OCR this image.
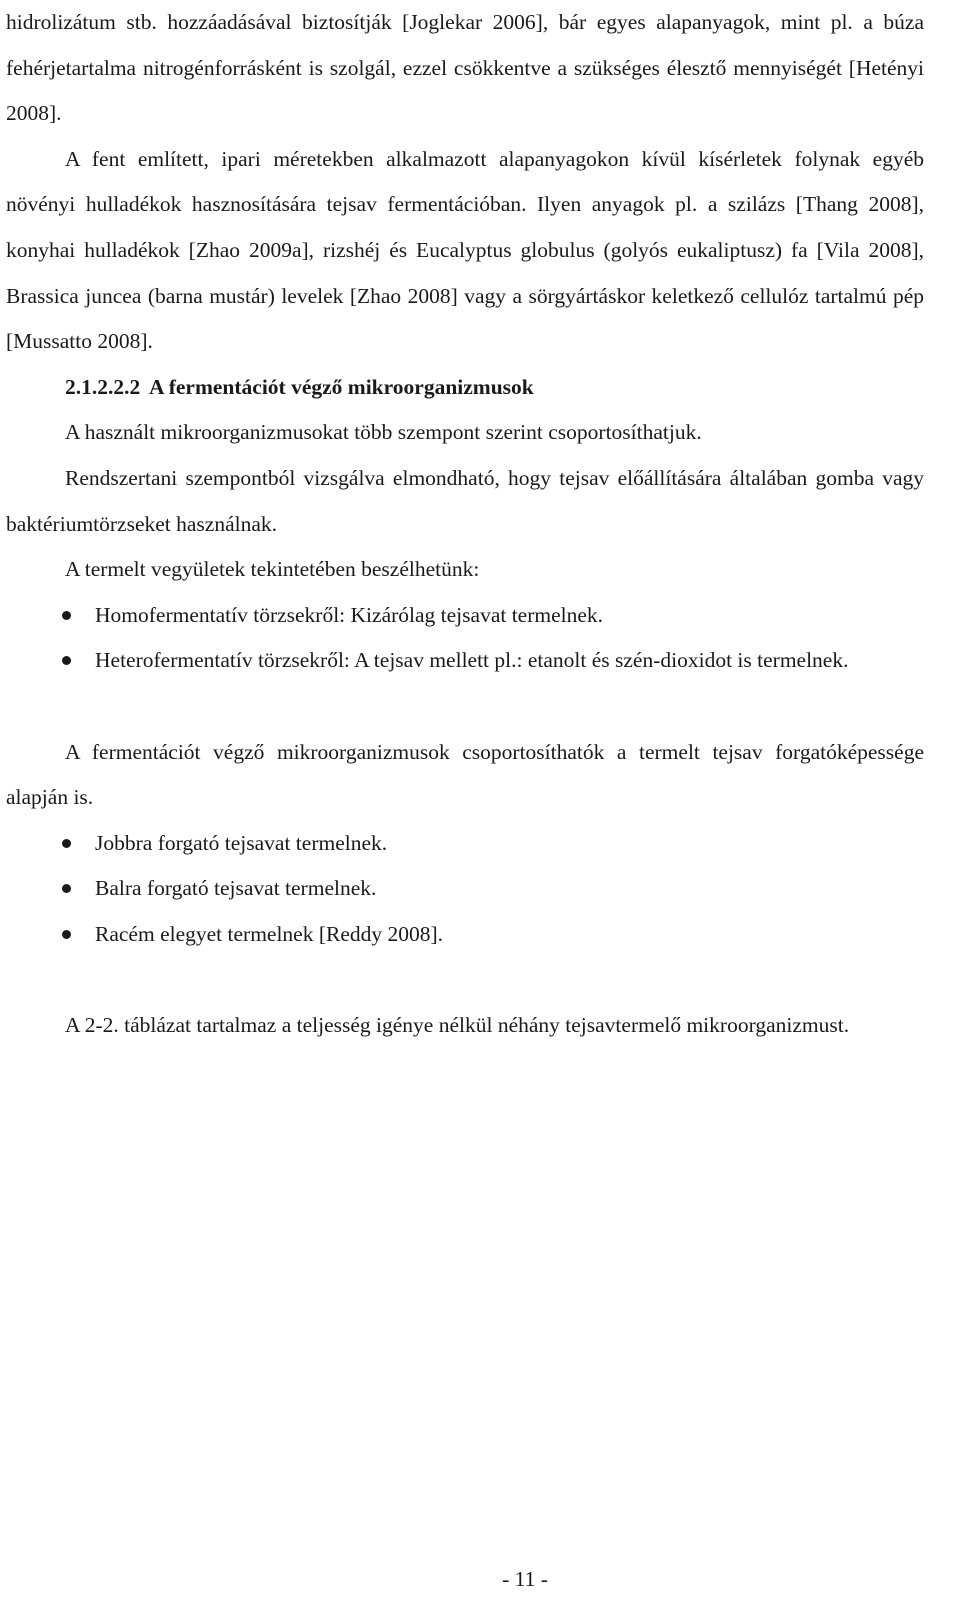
hidrolizátum stb. hozzáadásával biztosítják [Joglekar 2006], bár egyes alapanyagok, mint pl. a búza fehérjetartalma nitrogénforrásként is szolgál, ezzel csökkentve a szükséges élesztő mennyiségét [Hetényi 2008].

A fent említett, ipari méretekben alkalmazott alapanyagokon kívül kísérletek folynak egyéb növényi hulladékok hasznosítására tejsav fermentációban. Ilyen anyagok pl. a szilázs [Thang 2008], konyhai hulladékok [Zhao 2009a], rizshéj és Eucalyptus globulus (golyós eukaliptusz) fa [Vila 2008], Brassica juncea (barna mustár) levelek [Zhao 2008] vagy a sörgyártáskor keletkező cellulóz tartalmú pép [Mussatto 2008].

2.1.2.2.2 A fermentációt végző mikroorganizmusok

A használt mikroorganizmusokat több szempont szerint csoportosíthatjuk.

Rendszertani szempontból vizsgálva elmondható, hogy tejsav előállítására általában gomba vagy baktériumtörzseket használnak.

A termelt vegyületek tekintetében beszélhetünk:

Homofermentatív törzsekről: Kizárólag tejsavat termelnek.
Heterofermentatív törzsekről: A tejsav mellett pl.: etanolt és szén-dioxidot is termelnek.

A fermentációt végző mikroorganizmusok csoportosíthatók a termelt tejsav forgatóképessége alapján is.

Jobbra forgató tejsavat termelnek.
Balra forgató tejsavat termelnek.
Racém elegyet termelnek [Reddy 2008].

A 2-2. táblázat tartalmaz a teljesség igénye nélkül néhány tejsavtermelő mikroorganizmust.

- 11 -
